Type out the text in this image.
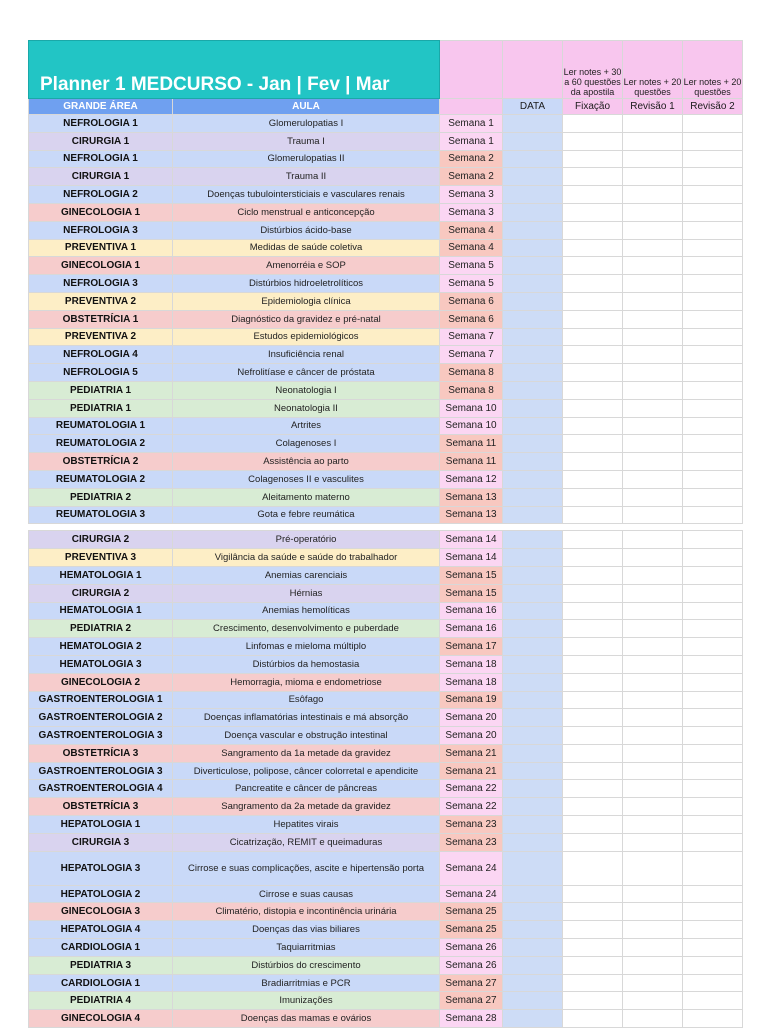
Planner 1 MEDCURSO - Jan | Fev | Mar				Ler notes + 30 a 60 questões da apostila	Ler notes + 20 questões	Ler notes + 20 questões
GRANDE ÁREA	AULA		DATA	Fixação	Revisão 1	Revisão 2
NEFROLOGIA 1	Glomerulopatias I	Semana 1				
CIRURGIA 1	Trauma I	Semana 1				
NEFROLOGIA 1	Glomerulopatias II	Semana 2				
CIRURGIA 1	Trauma II	Semana 2				
NEFROLOGIA 2	Doenças tubulointersticiais e vasculares renais	Semana 3				
GINECOLOGIA 1	Ciclo menstrual e anticoncepção	Semana 3				
NEFROLOGIA 3	Distúrbios ácido-base	Semana 4				
PREVENTIVA 1	Medidas de saúde coletiva	Semana 4				
GINECOLOGIA 1	Amenorréia e SOP	Semana 5				
NEFROLOGIA 3	Distúrbios hidroeletrolíticos	Semana 5				
PREVENTIVA 2	Epidemiologia clínica	Semana 6				
OBSTETRÍCIA 1	Diagnóstico da gravidez e pré-natal	Semana 6				
PREVENTIVA 2	Estudos epidemiológicos	Semana 7				
NEFROLOGIA 4	Insuficiência renal	Semana 7				
NEFROLOGIA 5	Nefrolitíase e câncer de próstata	Semana 8				
PEDIATRIA 1	Neonatologia I	Semana 8				
PEDIATRIA 1	Neonatologia II	Semana 10				
REUMATOLOGIA 1	Artrites	Semana 10				
REUMATOLOGIA 2	Colagenoses I	Semana 11				
OBSTETRÍCIA 2	Assistência ao parto	Semana 11				
REUMATOLOGIA 2	Colagenoses II e vasculites	Semana 12				
PEDIATRIA 2	Aleitamento materno	Semana 13				
REUMATOLOGIA 3	Gota e febre reumática	Semana 13				

CIRURGIA 2	Pré-operatório	Semana 14				
PREVENTIVA 3	Vigilância da saúde e saúde do trabalhador	Semana 14				
HEMATOLOGIA 1	Anemias carenciais	Semana 15				
CIRURGIA 2	Hérnias	Semana 15				
HEMATOLOGIA 1	Anemias hemolíticas	Semana 16				
PEDIATRIA 2	Crescimento, desenvolvimento e puberdade	Semana 16				
HEMATOLOGIA 2	Linfomas e mieloma múltiplo	Semana 17				
HEMATOLOGIA 3	Distúrbios da hemostasia	Semana 18				
GINECOLOGIA 2	Hemorragia, mioma e endometriose	Semana 18				
GASTROENTEROLOGIA 1	Esôfago	Semana 19				
GASTROENTEROLOGIA 2	Doenças inflamatórias intestinais e má absorção	Semana 20				
GASTROENTEROLOGIA 3	Doença vascular e obstrução intestinal	Semana 20				
OBSTETRÍCIA 3	Sangramento da 1a metade da gravidez	Semana 21				
GASTROENTEROLOGIA 3	Diverticulose, polipose, câncer colorretal e apendicite	Semana 21				
GASTROENTEROLOGIA 4	Pancreatite e câncer de pâncreas	Semana 22				
OBSTETRÍCIA 3	Sangramento da 2a metade da gravidez	Semana 22				
HEPATOLOGIA 1	Hepatites virais	Semana 23				
CIRURGIA 3	Cicatrização, REMIT e queimaduras	Semana 23				
HEPATOLOGIA 3	Cirrose e suas complicações, ascite e hipertensão porta	Semana 24				
HEPATOLOGIA 2	Cirrose e suas causas	Semana 24				
GINECOLOGIA 3	Climatério, distopia e incontinência urinária	Semana 25				
HEPATOLOGIA 4	Doenças das vias biliares	Semana 25				
CARDIOLOGIA 1	Taquiarritmias	Semana 26				
PEDIATRIA 3	Distúrbios do crescimento	Semana 26				
CARDIOLOGIA 1	Bradiarritmias e PCR	Semana 27				
PEDIATRIA 4	Imunizações	Semana 27				
GINECOLOGIA 4	Doenças das mamas e ovários	Semana 28				
